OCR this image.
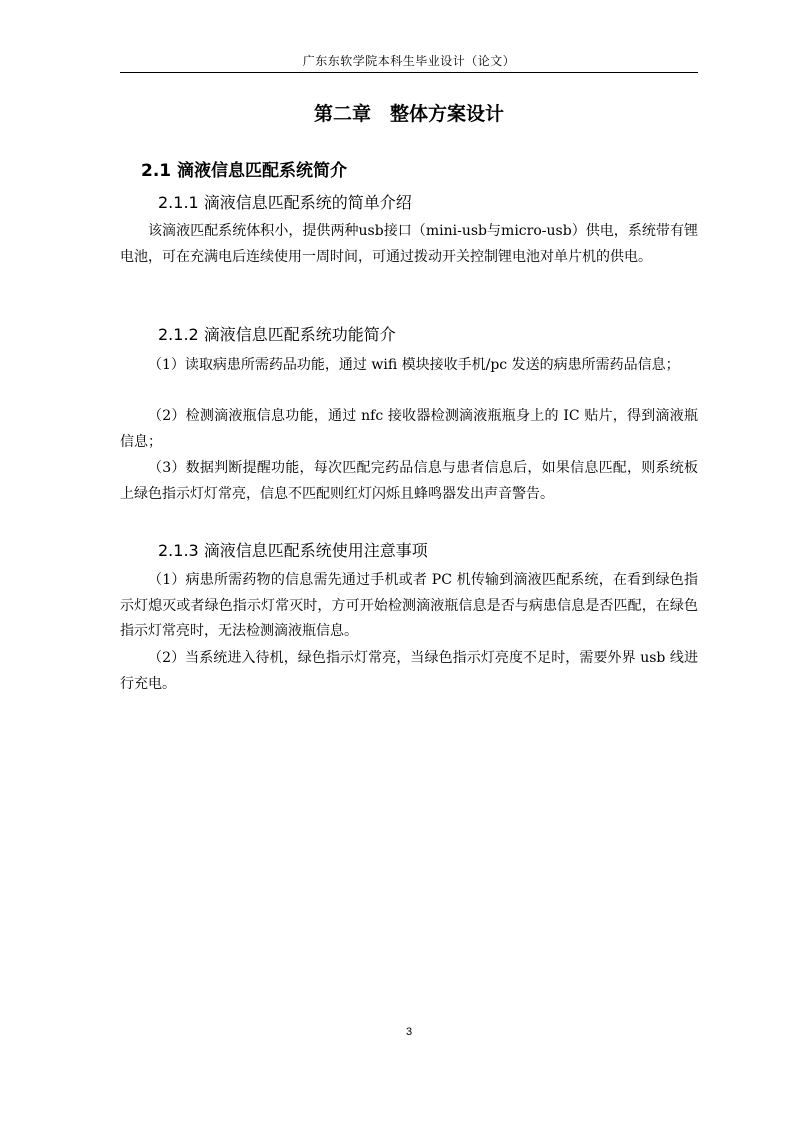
广东东软学院本科生毕业设计（论文）
第二章　整体方案设计
2.1 滴液信息匹配系统简介
2.1.1 滴液信息匹配系统的简单介绍

该滴液匹配系统体积小，提供两种usb接口（mini-usb与micro-usb）供电，系统带有锂电池，可在充满电后连续使用一周时间，可通过拨动开关控制锂电池对单片机的供电。

2.1.2 滴液信息匹配系统功能简介

（1）读取病患所需药品功能，通过 wifi 模块接收手机/pc 发送的病患所需药品信息；

（2）检测滴液瓶信息功能，通过 nfc 接收器检测滴液瓶瓶身上的 IC 贴片，得到滴液瓶信息；

（3）数据判断提醒功能，每次匹配完药品信息与患者信息后，如果信息匹配，则系统板上绿色指示灯灯常亮，信息不匹配则红灯闪烁且蜂鸣器发出声音警告。

2.1.3 滴液信息匹配系统使用注意事项

（1）病患所需药物的信息需先通过手机或者 PC 机传输到滴液匹配系统，在看到绿色指示灯熄灭或者绿色指示灯常灭时，方可开始检测滴液瓶信息是否与病患信息是否匹配，在绿色指示灯常亮时，无法检测滴液瓶信息。

（2）当系统进入待机，绿色指示灯常亮，当绿色指示灯亮度不足时，需要外界 usb 线进行充电。

3
